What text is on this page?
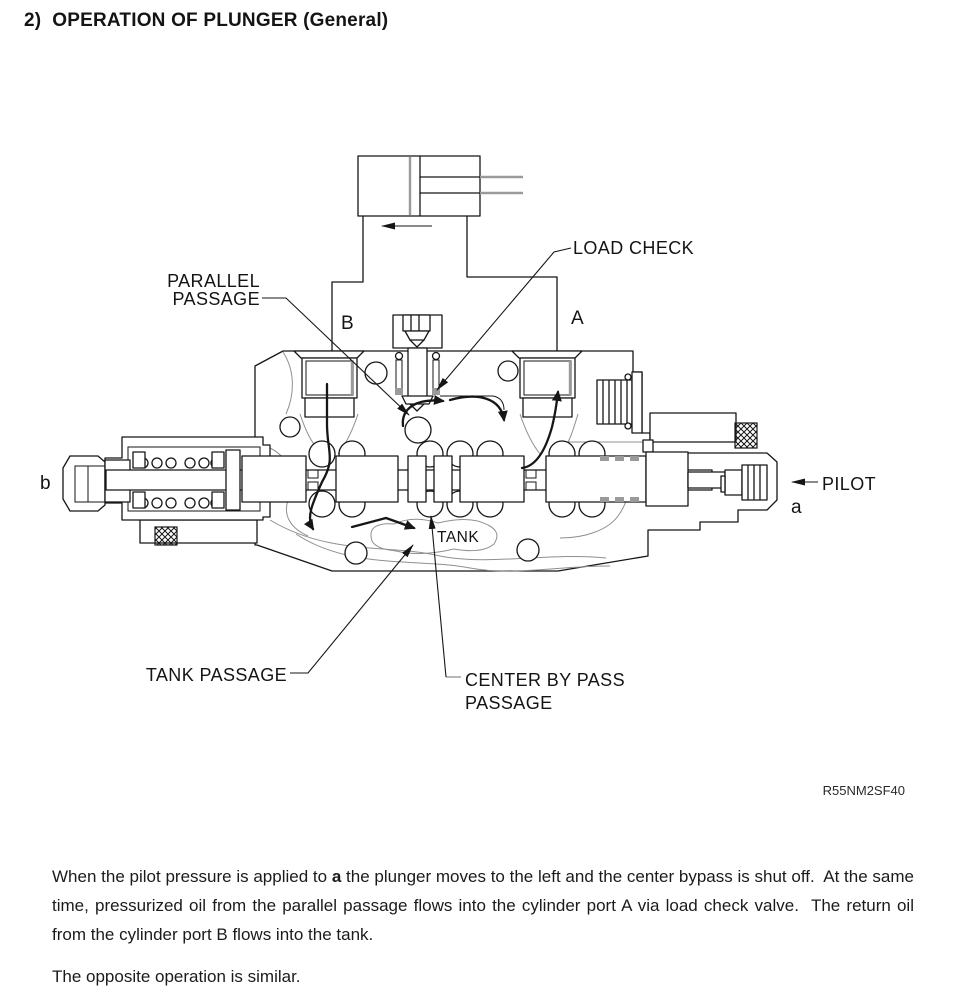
2)  OPERATION OF PLUNGER (General)
LOAD CHECK
PARALLEL
PASSAGE
B	A
b
a
PILOT
TANK
TANK PASSAGE	CENTER BY PASS
PASSAGE
R55NM2SF40

When the pilot pressure is applied to a the plunger moves to the left and the center bypass is shut off.  At the same time, pressurized oil from the parallel passage flows into the cylinder port A via load check valve.  The return oil from the cylinder port B flows into the tank.

The opposite operation is similar.
